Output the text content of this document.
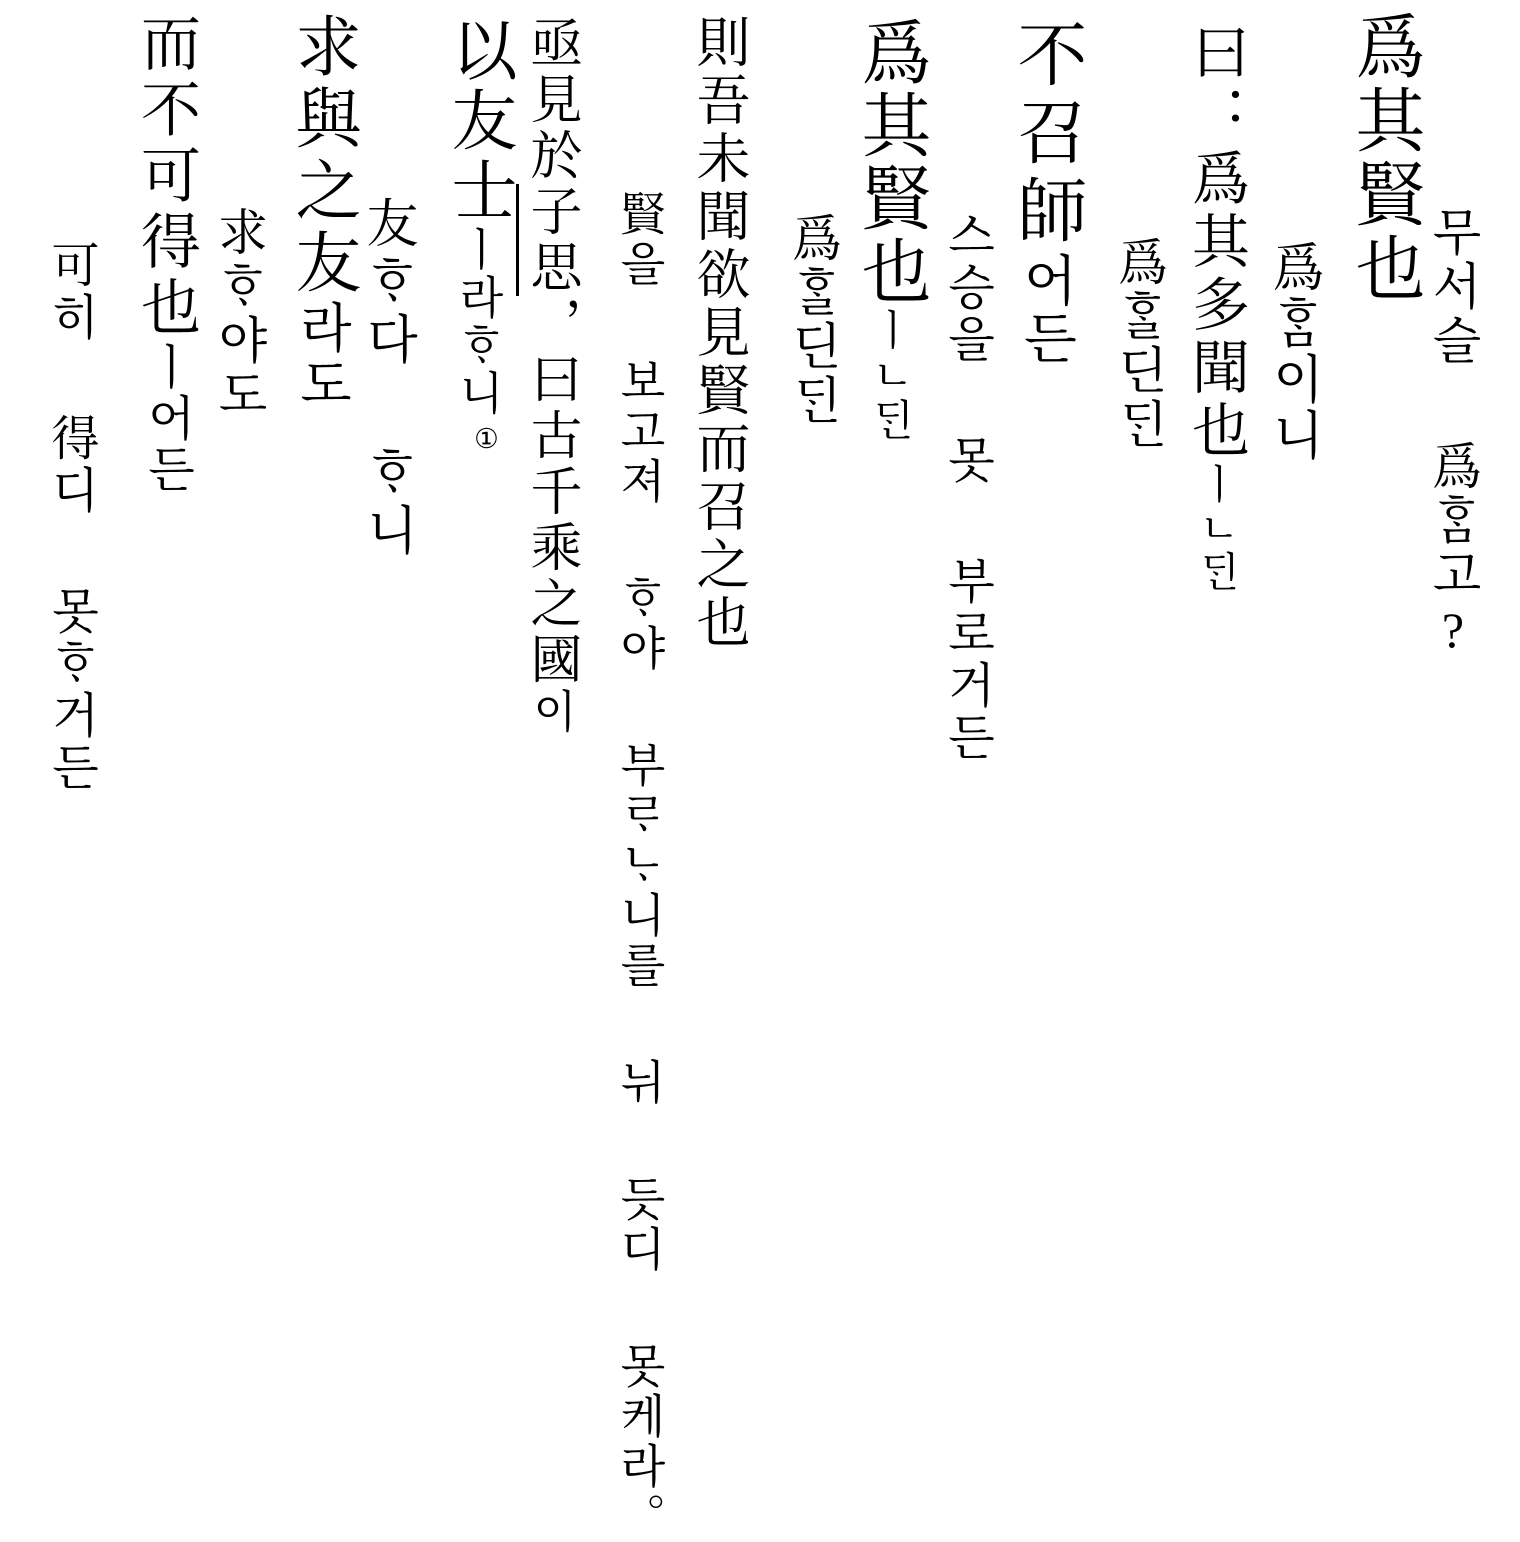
무서슬 爲ᄒᆞᆷ고?
爲其賢也
爲ᄒᆞᆷ이니
曰：爲其多聞也ㅣㄴᄃᆡᆫ
爲ᄒᆞᆯ딘ᄃᆡᆫ
不召師어든
스승을 못 부로거든
爲其賢也ㅣㄴᄃᆡᆫ
爲ᄒᆞᆯ딘ᄃᆡᆫ
則吾未聞欲見賢而召之也
賢을 보고져 ᄒᆞ야 부ᄅᆞᄂᆞ니를 뉘 듯디 못케라。
亟見於子思，曰古千乘之國이
以友士ㅣ라ᄒᆞ니①
友ᄒᆞ다 ᄒᆞ니
求與之友라도
求ᄒᆞ야도
而不可得也ㅣ어든
可히 得디 못ᄒᆞ거든
